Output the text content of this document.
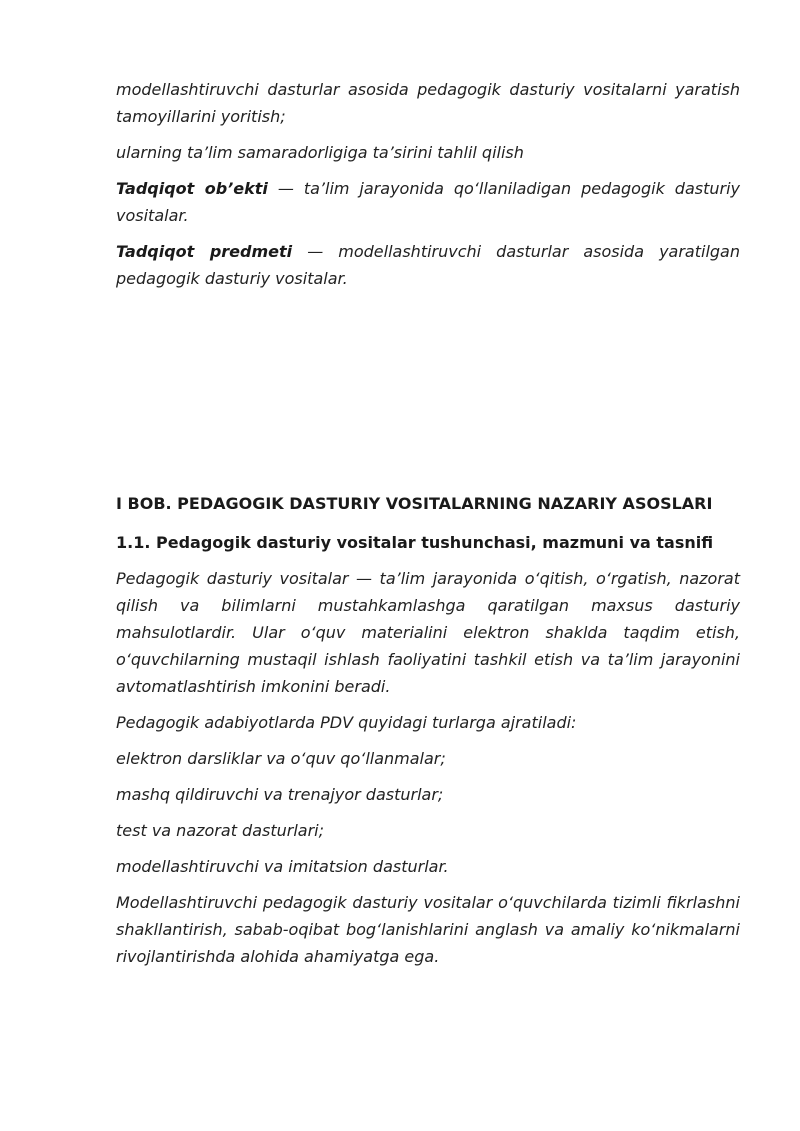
modellashtiruvchi dasturlar asosida pedagogik dasturiy vositalarni yaratish tamoyillarini yoritish;

ularning ta’lim samaradorligiga ta’sirini tahlil qilish

Tadqiqot ob’ekti — ta’lim jarayonida qo‘llaniladigan pedagogik dasturiy vositalar.

Tadqiqot predmeti — modellashtiruvchi dasturlar asosida yaratilgan pedagogik dasturiy vositalar.

I BOB. PEDAGOGIK DASTURIY VOSITALARNING NAZARIY ASOSLARI
1.1. Pedagogik dasturiy vositalar tushunchasi, mazmuni va tasnifi

Pedagogik dasturiy vositalar — ta’lim jarayonida o‘qitish, o‘rgatish, nazorat qilish va bilimlarni mustahkamlashga qaratilgan maxsus dasturiy mahsulotlardir. Ular o‘quv materialini elektron shaklda taqdim etish, o‘quvchilarning mustaqil ishlash faoliyatini tashkil etish va ta’lim jarayonini avtomatlashtirish imkonini beradi.

Pedagogik adabiyotlarda PDV quyidagi turlarga ajratiladi:

elektron darsliklar va o‘quv qo‘llanmalar;

mashq qildiruvchi va trenajyor dasturlar;

test va nazorat dasturlari;

modellashtiruvchi va imitatsion dasturlar.

Modellashtiruvchi pedagogik dasturiy vositalar o‘quvchilarda tizimli fikrlashni shakllantirish, sabab-oqibat bog‘lanishlarini anglash va amaliy ko‘nikmalarni rivojlantirishda alohida ahamiyatga ega.
